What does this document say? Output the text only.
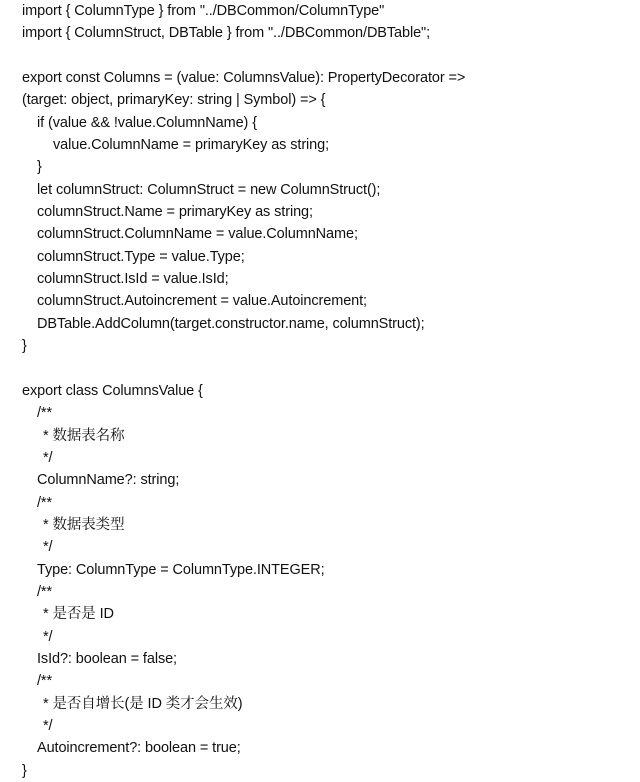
import { ColumnType } from "../DBCommon/ColumnType"
import { ColumnStruct, DBTable } from "../DBCommon/DBTable";
export const Columns = (value: ColumnsValue): PropertyDecorator =>
(target: object, primaryKey: string | Symbol) => {
if (value && !value.ColumnName) {
value.ColumnName = primaryKey as string;
}
let columnStruct: ColumnStruct = new ColumnStruct();
columnStruct.Name = primaryKey as string;
columnStruct.ColumnName = value.ColumnName;
columnStruct.Type = value.Type;
columnStruct.IsId = value.IsId;
columnStruct.Autoincrement = value.Autoincrement;
DBTable.AddColumn(target.constructor.name, columnStruct);
}
export class ColumnsValue {
/**
* 数据表名称
*/
ColumnName?: string;
/**
* 数据表类型
*/
Type: ColumnType = ColumnType.INTEGER;
/**
* 是否是 ID
*/
IsId?: boolean = false;
/**
* 是否自增长(是 ID 类才会生效)
*/
Autoincrement?: boolean = true;
}
